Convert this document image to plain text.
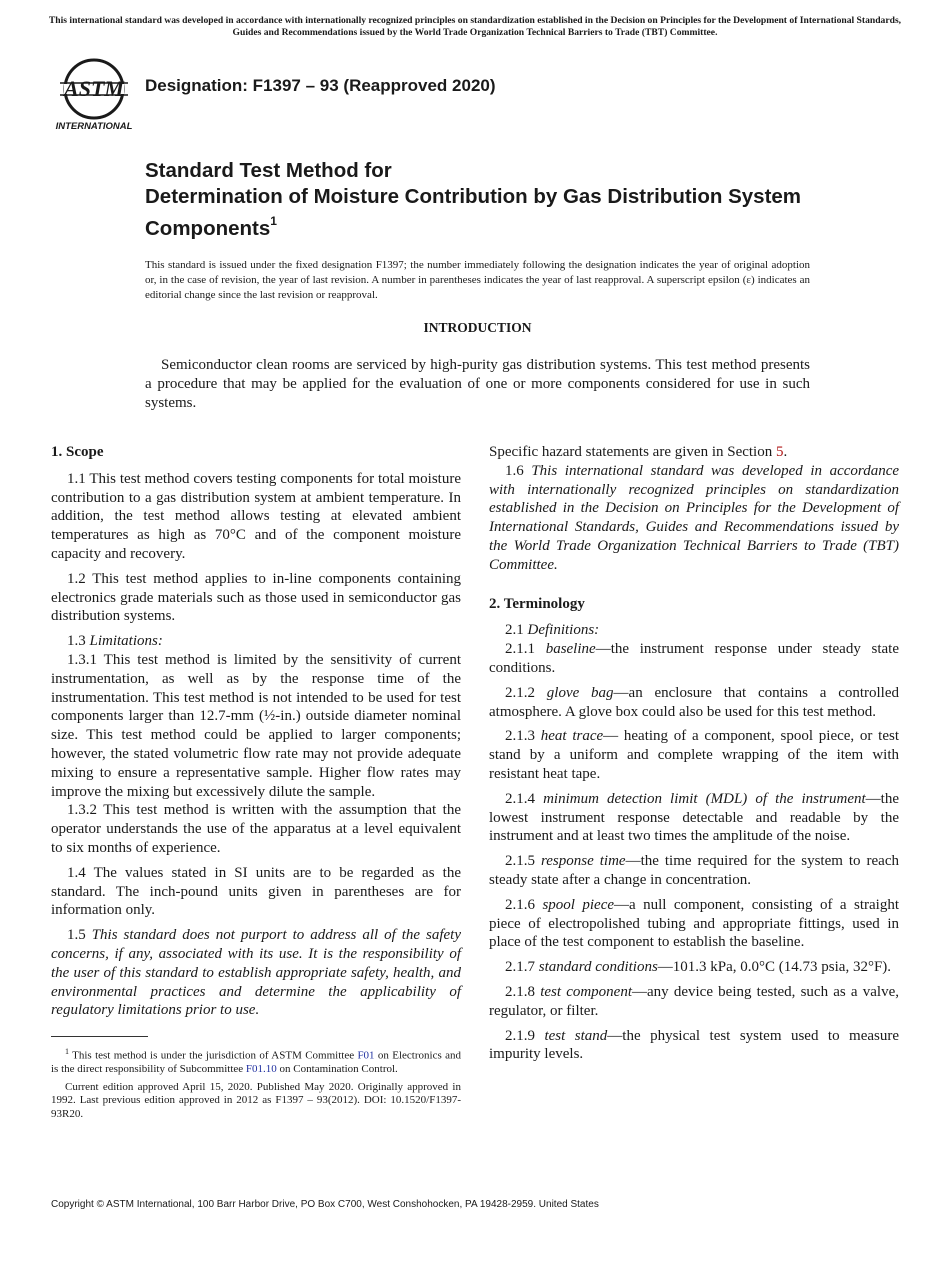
This international standard was developed in accordance with internationally recognized principles on standardization established in the Decision on Principles for the Development of International Standards, Guides and Recommendations issued by the World Trade Organization Technical Barriers to Trade (TBT) Committee.
ASTM
INTERNATIONAL
Designation: F1397 – 93 (Reapproved 2020)
Standard Test Method for
Determination of Moisture Contribution by Gas Distribution System Components$^1$
This standard is issued under the fixed designation F1397; the number immediately following the designation indicates the year of original adoption or, in the case of revision, the year of last revision. A number in parentheses indicates the year of last reapproval. A superscript epsilon (ε) indicates an editorial change since the last revision or reapproval.
INTRODUCTION
Semiconductor clean rooms are serviced by high-purity gas distribution systems. This test method presents a procedure that may be applied for the evaluation of one or more components considered for use in such systems.
1. Scope

1.1 This test method covers testing components for total moisture contribution to a gas distribution system at ambient temperature. In addition, the test method allows testing at elevated ambient temperatures as high as 70°C and of the component moisture capacity and recovery.

1.2 This test method applies to in-line components containing electronics grade materials such as those used in semiconductor gas distribution systems.

1.3 Limitations:

1.3.1 This test method is limited by the sensitivity of current instrumentation, as well as by the response time of the instrumentation. This test method is not intended to be used for test components larger than 12.7-mm (½-in.) outside diameter nominal size. This test method could be applied to larger components; however, the stated volumetric flow rate may not provide adequate mixing to ensure a representative sample. Higher flow rates may improve the mixing but excessively dilute the sample.

1.3.2 This test method is written with the assumption that the operator understands the use of the apparatus at a level equivalent to six months of experience.

1.4 The values stated in SI units are to be regarded as the standard. The inch-pound units given in parentheses are for information only.

1.5 This standard does not purport to address all of the safety concerns, if any, associated with its use. It is the responsibility of the user of this standard to establish appropriate safety, health, and environmental practices and determine the applicability of regulatory limitations prior to use.

$^1$ This test method is under the jurisdiction of ASTM Committee F01 on Electronics and is the direct responsibility of Subcommittee F01.10 on Contamination Control.

Current edition approved April 15, 2020. Published May 2020. Originally approved in 1992. Last previous edition approved in 2012 as F1397 – 93(2012). DOI: 10.1520/F1397-93R20.

Specific hazard statements are given in Section 5.

1.6 This international standard was developed in accordance with internationally recognized principles on standardization established in the Decision on Principles for the Development of International Standards, Guides and Recommendations issued by the World Trade Organization Technical Barriers to Trade (TBT) Committee.

2. Terminology

2.1 Definitions:

2.1.1 baseline—the instrument response under steady state conditions.

2.1.2 glove bag—an enclosure that contains a controlled atmosphere. A glove box could also be used for this test method.

2.1.3 heat trace— heating of a component, spool piece, or test stand by a uniform and complete wrapping of the item with resistant heat tape.

2.1.4 minimum detection limit (MDL) of the instrument—the lowest instrument response detectable and readable by the instrument and at least two times the amplitude of the noise.

2.1.5 response time—the time required for the system to reach steady state after a change in concentration.

2.1.6 spool piece—a null component, consisting of a straight piece of electropolished tubing and appropriate fittings, used in place of the test component to establish the baseline.

2.1.7 standard conditions—101.3 kPa, 0.0°C (14.73 psia, 32°F).

2.1.8 test component—any device being tested, such as a valve, regulator, or filter.

2.1.9 test stand—the physical test system used to measure impurity levels.

Copyright © ASTM International, 100 Barr Harbor Drive, PO Box C700, West Conshohocken, PA 19428-2959. United States
